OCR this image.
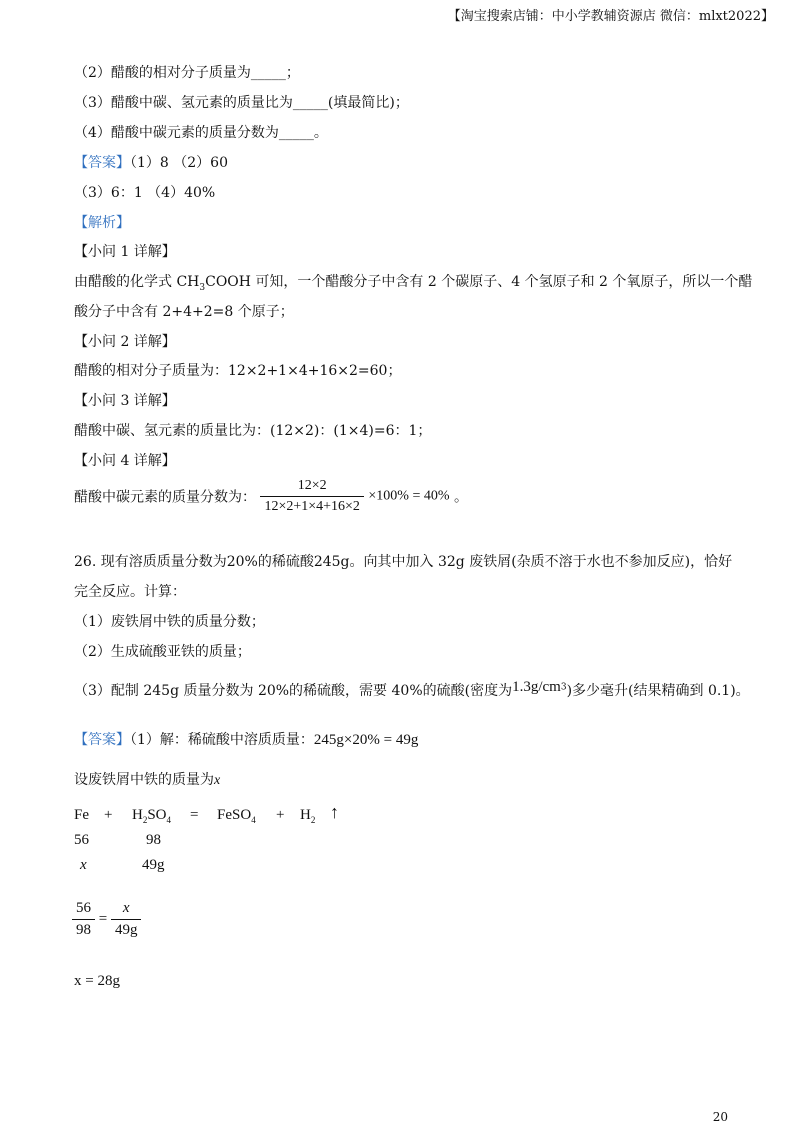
【淘宝搜索店铺：中小学教辅资源店 微信：mlxt2022】
（2）醋酸的相对分子质量为_____；
（3）醋酸中碳、氢元素的质量比为_____(填最简比)；
（4）醋酸中碳元素的质量分数为_____。
【答案】（1）8 （2）60
（3）6：1 （4）40%
【解析】
【小问 1 详解】
由醋酸的化学式 $CH_3COOH$ 可知，一个醋酸分子中含有 2 个碳原子、4 个氢原子和 2 个氧原子，所以一个醋
酸分子中含有 2+4+2=8 个原子；
【小问 2 详解】
醋酸的相对分子质量为：12×2+1×4+16×2=60；
【小问 3 详解】
醋酸中碳、氢元素的质量比为：(12×2)：(1×4)=6：1；
【小问 4 详解】
醋酸中碳元素的质量分数为： $\frac{12\times 2}{12\times 2+1\times 4+16\times 2} \times 100\% = 40\%$ 。
26. 现有溶质质量分数为20%的稀硫酸245g。向其中加入 32g 废铁屑(杂质不溶于水也不参加反应)，恰好
完全反应。计算：
（1）废铁屑中铁的质量分数；
（2）生成硫酸亚铁的质量；
（3）配制 245g 质量分数为 20%的稀硫酸，需要 40%的硫酸(密度为$1.3g/cm^3$)多少毫升(结果精确到 0.1)。
【答案】（1）解：稀硫酸中溶质质量：245g×20% = 49g
设废铁屑中铁的质量为x
$Fe + H_2SO_4$ = FeSO$_4$ + $H_2$ ↑
56	98
x	49g
$\frac{56}{98} = \frac{x}{49g}$
x = 28g
20
